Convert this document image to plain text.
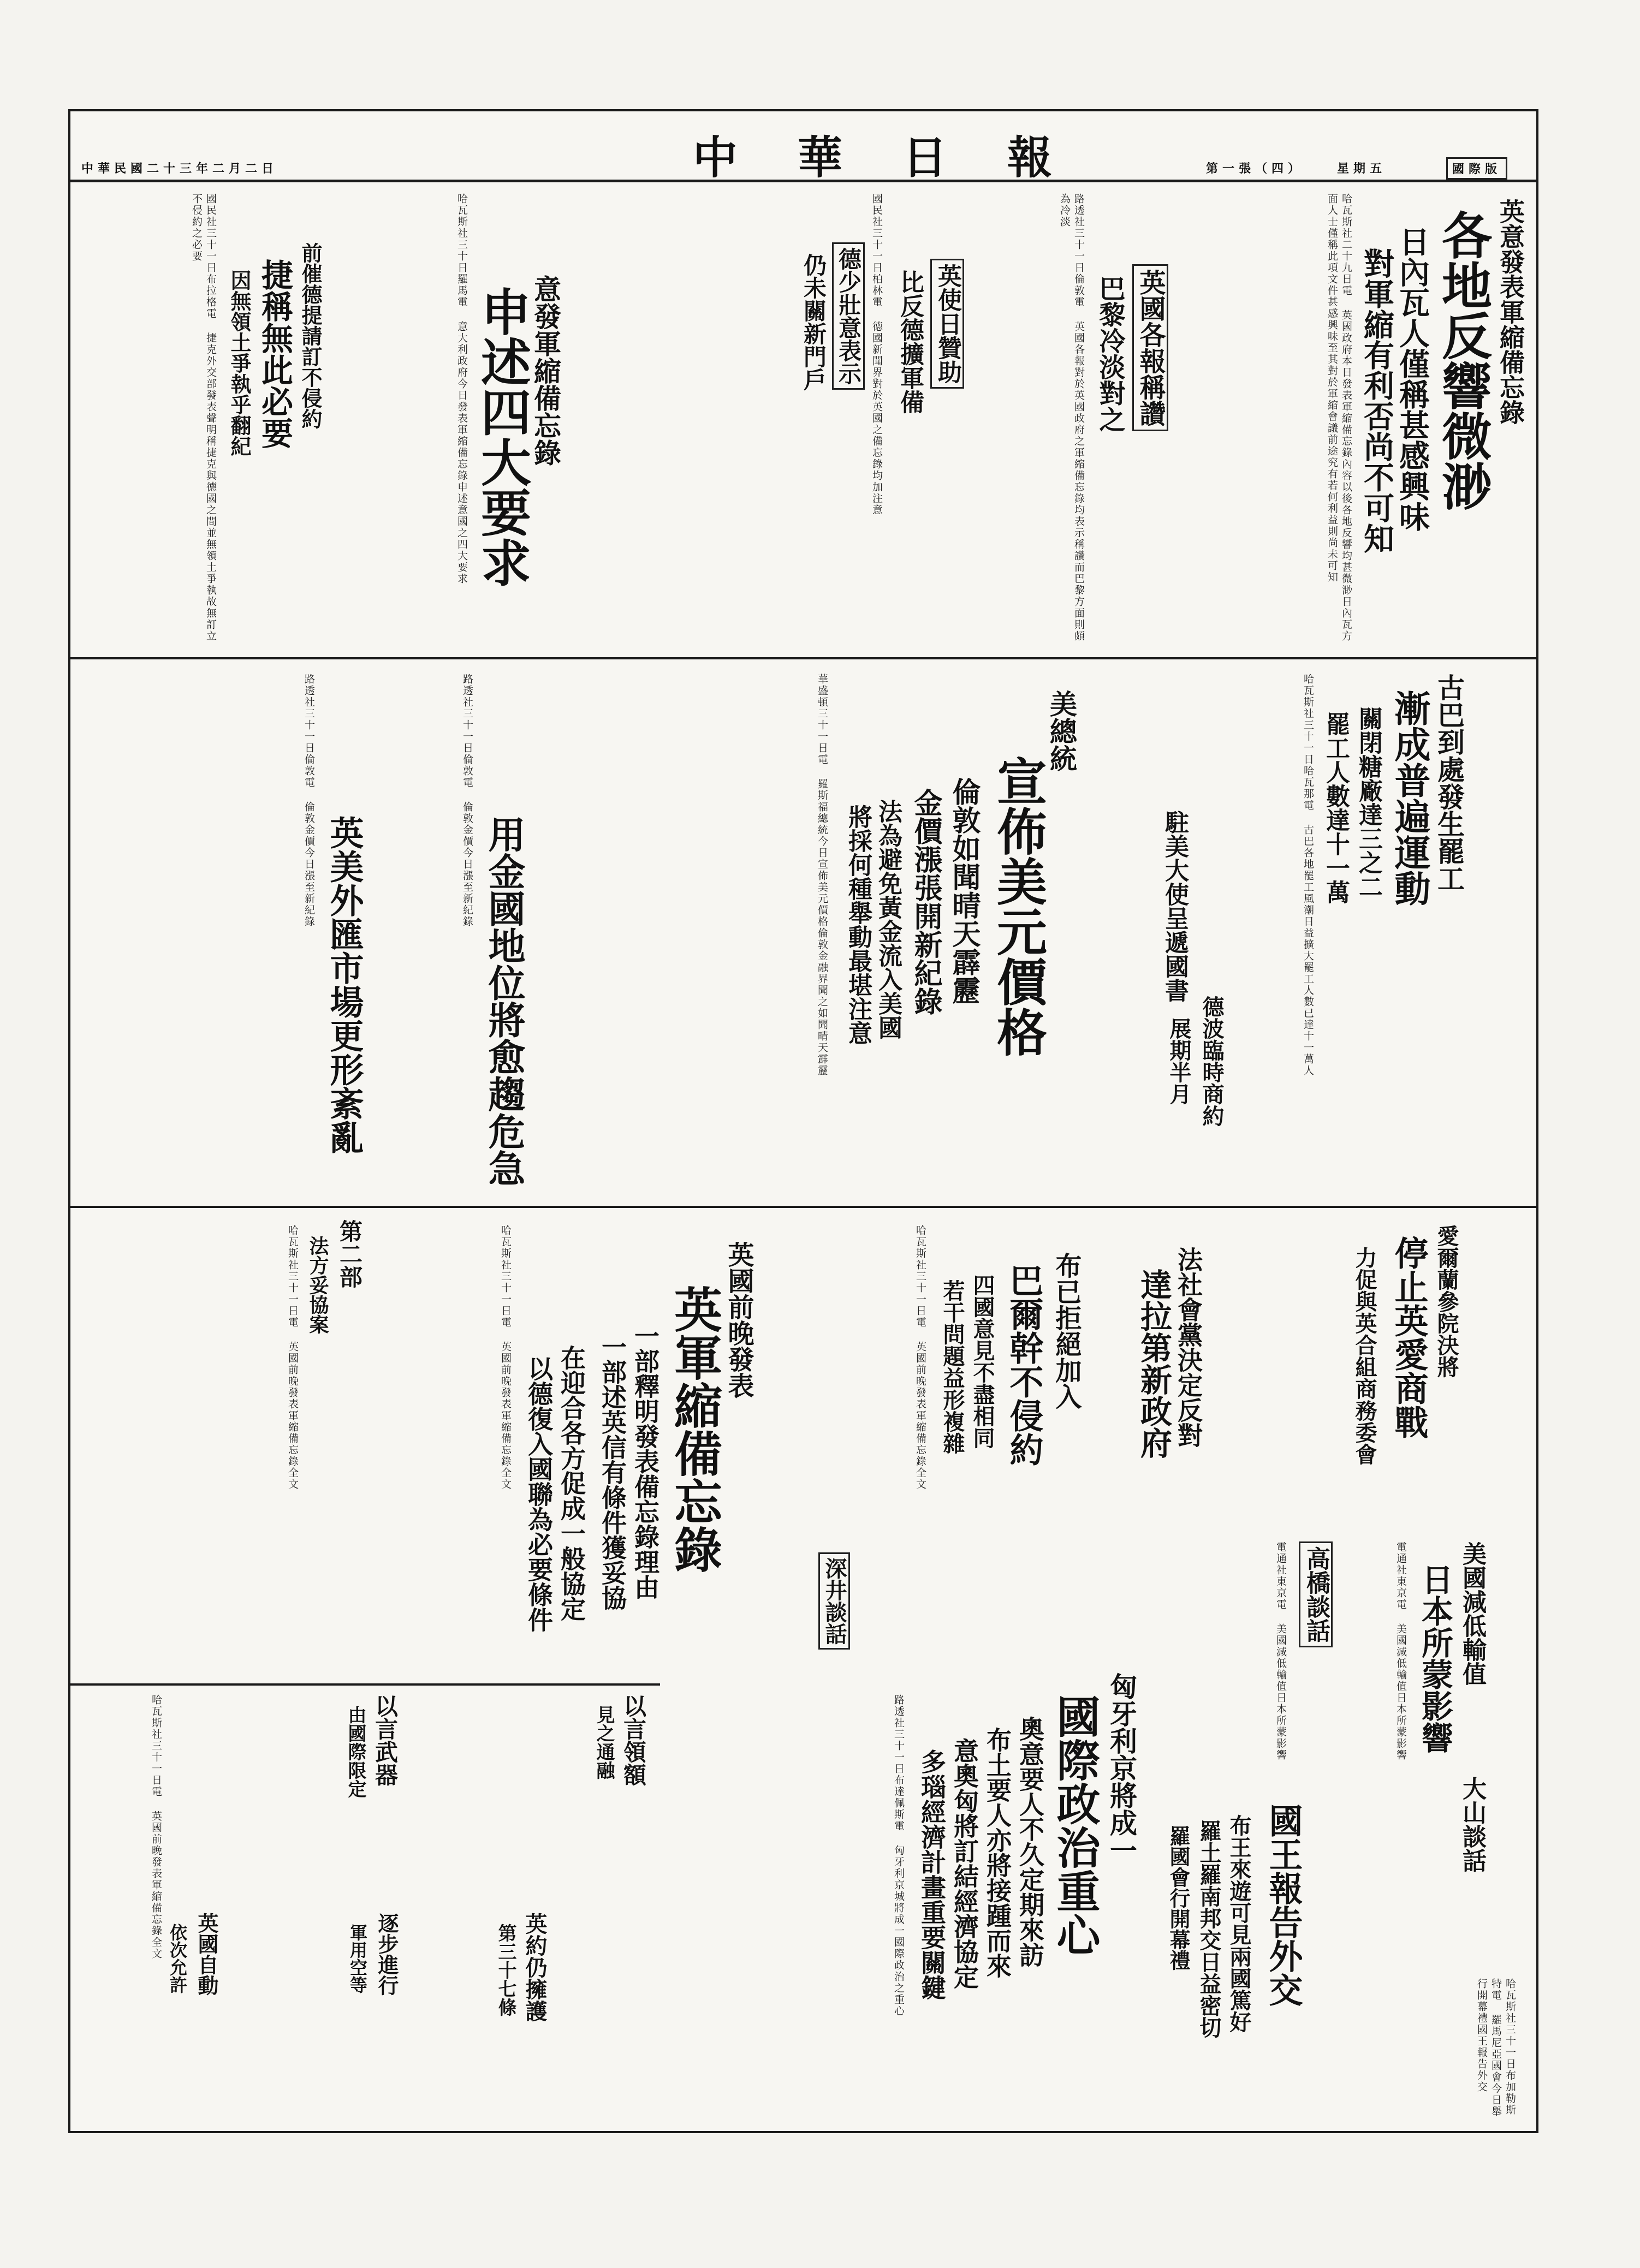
中華民國二十三年二月二日	中華日報	第一張（四）	星期五	國際版
英意發表軍縮備忘錄
各地反響微渺
日內瓦人僅稱甚感興味
對軍縮有利否尚不可知
哈瓦斯社二十九日電 英國政府本日發表軍縮備忘錄內容以後各地反響均甚微渺日內瓦方面人士僅稱此項文件甚感興味至其對於軍縮會議前途究有若何利益則尚未可知
英國各報稱讚
巴黎冷淡對之
路透社三十一日倫敦電 英國各報對於英國政府之軍縮備忘錄均表示稱讚而巴黎方面則頗為冷淡
英使日贊助
比反德擴軍備
國民社三十一日柏林電 德國新聞界對於英國之備忘錄均加注意
德少壯意表示
仍未關新門戶
意發軍縮備忘錄
申述四大要求
哈瓦斯社三十日羅馬電 意大利政府今日發表軍縮備忘錄申述意國之四大要求
前催德提請訂不侵約
捷稱無此必要
因無領土爭執乎翻紀
國民社三十一日布拉格電 捷克外交部發表聲明稱捷克與德國之間並無領土爭執故無訂立不侵約之必要
古巴到處發生罷工
漸成普遍運動
關閉糖廠達三之二
罷工人數達十一萬
哈瓦斯社三十一日哈瓦那電 古巴各地罷工風潮日益擴大罷工人數已達十一萬人
駐美大使呈遞國書
德波臨時商約
展期半月
美總統
宣佈美元價格
倫敦如聞晴天霹靂
金價漲張開新紀錄
法為避免黃金流入美國
將採何種舉動最堪注意
華盛頓三十一日電 羅斯福總統今日宣佈美元價格倫敦金融界聞之如聞晴天霹靂
用金國地位將愈趨危急
英美外匯市場更形紊亂
路透社三十一日倫敦電 倫敦金價今日漲至新紀錄
路透社三十一日倫敦電 倫敦金價今日漲至新紀錄
愛爾蘭參院決將
停止英愛商戰
力促與英合組商務委會
法社會黨決定反對
達拉第新政府
布已拒絕加入
巴爾幹不侵約
四國意見不盡相同
若干問題益形複雜
哈瓦斯社三十一日電 英國前晚發表軍縮備忘錄全文
英國前晚發表
英軍縮備忘錄
一部釋明發表備忘錄理由
一部述英信有條件獲妥協
在迎合各方促成一般協定
以德復入國聯為必要條件
哈瓦斯社三十一日電 英國前晚發表軍縮備忘錄全文
第二部
法方妥協案
哈瓦斯社三十一日電 英國前晚發表軍縮備忘錄全文
美國減低輸值
日本所蒙影響
電通社東京電 美國減低輸值日本所蒙影響
高橋談話
電通社東京電 美國減低輸值日本所蒙影響
深井談話
匈牙利京將成一
國際政治重心
奧意要人不久定期來訪
布土要人亦將接踵而來
意奧匈將訂結經濟協定
多瑙經濟計畫重要關鍵
路透社三十一日布達佩斯電 匈牙利京城將成一國際政治之重心	國王報告外交
布王來遊可見兩國篤好
羅土羅南邦交日益密切
羅國會行開幕禮
大山談話
哈瓦斯社三十一日布加勒斯特電 羅馬尼亞國會今日舉行開幕禮國王報告外交
以言領額
見之通融
以言武器
由國際限定
英約仍擁護
第三十七條
逐步進行
軍用空等
英國自動
依次允許
哈瓦斯社三十一日電 英國前晚發表軍縮備忘錄全文
